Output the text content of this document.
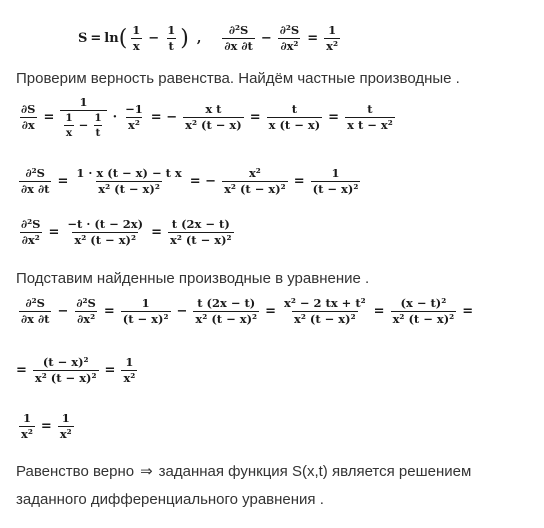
S = ln ( $\frac{1}{x} - \frac{1}{t}$ ) , $\frac{\text{∂²S}}{\partial x \partial t} - \frac{\text{∂²S}}{\text{∂x²}} = \frac{1}{\text{x²}}$
Проверим верность равенства. Найдём частные производные .
$\frac{\partial S}{\partial x} = \frac{1}{\frac{1}{x} - \frac{1}{t}} \cdot \frac{-1}{\text{x²}}$ = − $\frac{\text{x t}}{\text{x² (t − x)}} = \frac{t}{x (t - x)} = \frac{t}{\text{x t − x²}}$
$\frac{\text{∂²S}}{\partial x \partial t} = \frac{\text{1 · x (t − x) − t x}}{\text{x² (t − x)²}}$ = − $\frac{\text{x²}}{\text{x² (t − x)²}} = \frac{1}{\text{(t − x)²}}$
$\frac{\text{∂²S}}{\text{∂x²}} = \frac{-t \cdot (t - 2x)}{\text{x² (t − x)²}} = \frac{t (2x - t)}{\text{x² (t − x)²}}$
Подставим найденные производные в уравнение .
$\frac{\text{∂²S}}{\partial x \partial t} - \frac{\text{∂²S}}{\text{∂x²}} = \frac{1}{\text{(t − x)²}} - \frac{t (2x - t)}{\text{x² (t − x)²}} = \frac{\text{x² − 2 tx + t²}}{\text{x² (t − x)²}} = \frac{\text{(x − t)²}}{\text{x² (t − x)²}}$ =
= $\frac{\text{(t − x)²}}{\text{x² (t − x)²}} = \frac{1}{\text{x²}}$
$\frac{1}{\text{x²}} = \frac{1}{\text{x²}}$
Равенство верно ⇒ заданная функция S(x,t) является решением
заданного дифференциального уравнения .
